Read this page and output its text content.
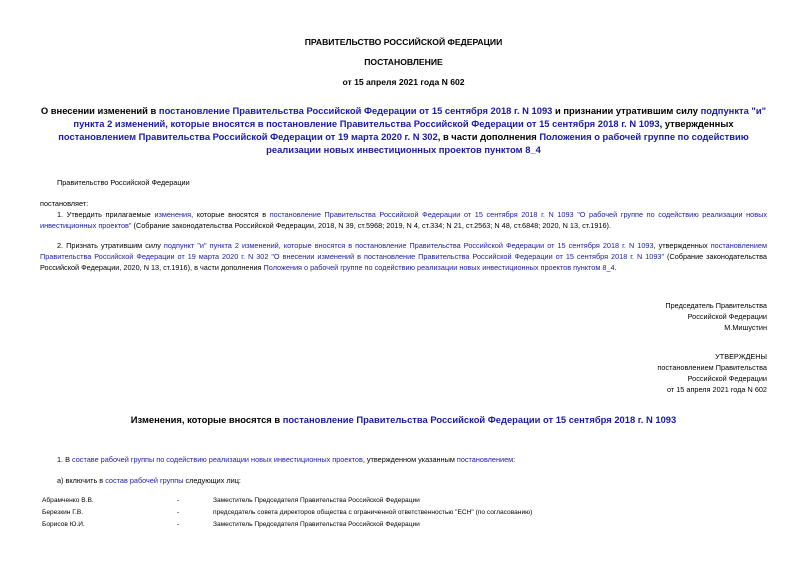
ПРАВИТЕЛЬСТВО РОССИЙСКОЙ ФЕДЕРАЦИИ
ПОСТАНОВЛЕНИЕ
от 15 апреля 2021 года N 602
О внесении изменений в постановление Правительства Российской Федерации от 15 сентября 2018 г. N 1093 и признании утратившим силу подпункта "и" пункта 2 изменений, которые вносятся в постановление Правительства Российской Федерации от 15 сентября 2018 г. N 1093, утвержденных постановлением Правительства Российской Федерации от 19 марта 2020 г. N 302, в части дополнения Положения о рабочей группе по содействию реализации новых инвестиционных проектов пунктом 8_4
Правительство Российской Федерации
постановляет:
1. Утвердить прилагаемые изменения, которые вносятся в постановление Правительства Российской Федерации от 15 сентября 2018 г. N 1093 "О рабочей группе по содействию реализации новых инвестиционных проектов" (Собрание законодательства Российской Федерации, 2018, N 39, ст.5968; 2019, N 4, ст.334; N 21, ст.2563; N 48, ст.6848; 2020, N 13, ст.1916).
2. Признать утратившим силу подпункт "и" пункта 2 изменений, которые вносятся в постановление Правительства Российской Федерации от 15 сентября 2018 г. N 1093, утвержденных постановлением Правительства Российской Федерации от 19 марта 2020 г. N 302 "О внесении изменений в постановление Правительства Российской Федерации от 15 сентября 2018 г. N 1093" (Собрание законодательства Российской Федерации, 2020, N 13, ст.1916), в части дополнения Положения о рабочей группе по содействию реализации новых инвестиционных проектов пунктом 8_4.
Председатель Правительства
Российской Федерации
М.Мишустин
УТВЕРЖДЕНЫ
постановлением Правительства
Российской Федерации
от 15 апреля 2021 года N 602
Изменения, которые вносятся в постановление Правительства Российской Федерации от 15 сентября 2018 г. N 1093
1. В составе рабочей группы по содействию реализации новых инвестиционных проектов, утвержденном указанным постановлением:
а) включить в состав рабочей группы следующих лиц:
Абрамченко В.В.	-	Заместитель Председателя Правительства Российской Федерации
Березкин Г.В.	-	председатель совета директоров общества с ограниченной ответственностью "ЕСН" (по согласованию)
Борисов Ю.И.	-	Заместитель Председателя Правительства Российской Федерации
